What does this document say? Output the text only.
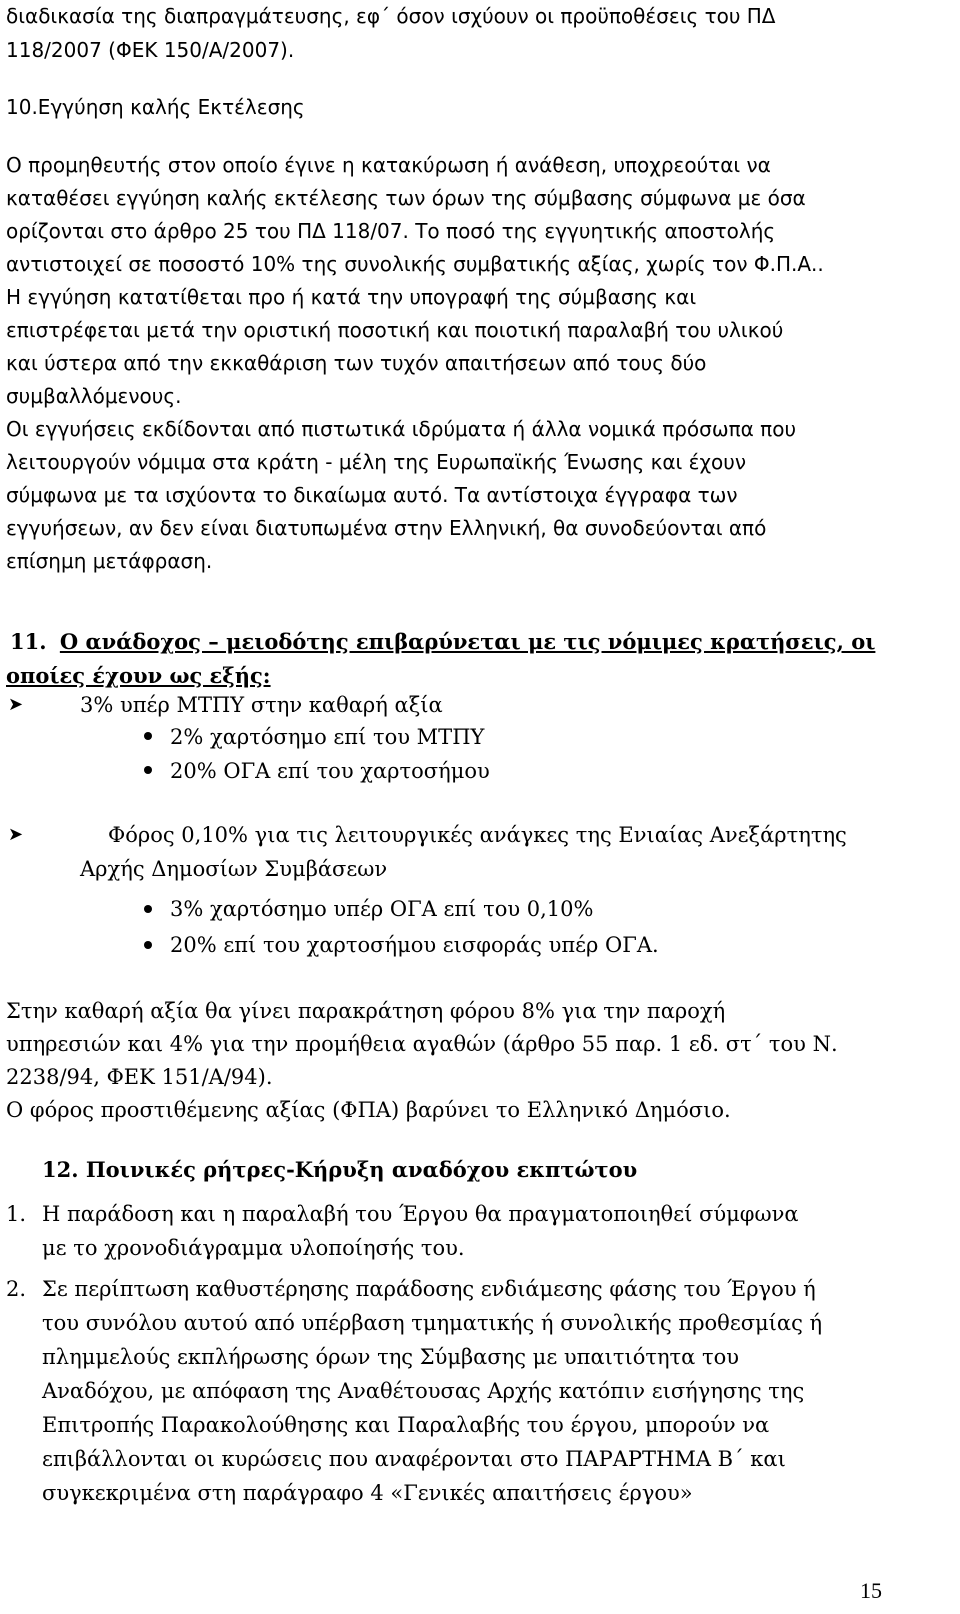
διαδικασία της διαπραγμάτευσης, εφ΄ όσον ισχύουν οι προϋποθέσεις του ΠΔ
118/2007 (ΦΕΚ 150/Α/2007).
10.Εγγύηση καλής Εκτέλεσης
Ο προμηθευτής στον οποίο έγινε η κατακύρωση ή ανάθεση, υποχρεούται να
καταθέσει εγγύηση καλής εκτέλεσης των όρων της σύμβασης σύμφωνα με όσα
ορίζονται στο άρθρο 25 του ΠΔ 118/07. Το ποσό της εγγυητικής αποστολής
αντιστοιχεί σε ποσοστό 10% της συνολικής συμβατικής αξίας, χωρίς τον Φ.Π.Α..
Η εγγύηση κατατίθεται προ ή κατά την υπογραφή της σύμβασης και
επιστρέφεται μετά την οριστική ποσοτική και ποιοτική παραλαβή του υλικού
και ύστερα από την εκκαθάριση των τυχόν απαιτήσεων από τους δύο
συμβαλλόμενους.
Οι εγγυήσεις εκδίδονται από πιστωτικά ιδρύματα ή άλλα νομικά πρόσωπα που
λειτουργούν νόμιμα στα κράτη - μέλη της Ευρωπαϊκής Ένωσης και έχουν
σύμφωνα με τα ισχύοντα το δικαίωμα αυτό. Τα αντίστοιχα έγγραφα των
εγγυήσεων, αν δεν είναι διατυπωμένα στην Ελληνική, θα συνοδεύονται από
επίσημη μετάφραση.
11. Ο ανάδοχος – μειοδότης επιβαρύνεται με τις νόμιμες κρατήσεις, οι
οποίες έχουν ως εξής:
➤	3% υπέρ ΜΤΠΥ στην καθαρή αξία
2% χαρτόσημο επί του ΜΤΠΥ
20% ΟΓΑ επί του χαρτοσήμου
➤	Φόρος 0,10% για τις λειτουργικές ανάγκες της Ενιαίας Ανεξάρτητης
Αρχής Δημοσίων Συμβάσεων
3% χαρτόσημο υπέρ ΟΓΑ επί του 0,10%
20% επί του χαρτοσήμου εισφοράς υπέρ ΟΓΑ.
Στην καθαρή αξία θα γίνει παρακράτηση φόρου 8% για την παροχή
υπηρεσιών και 4% για την προμήθεια αγαθών (άρθρο 55 παρ. 1 εδ. στ΄ του Ν.
2238/94, ΦΕΚ 151/Α/94).
Ο φόρος προστιθέμενης αξίας (ΦΠΑ) βαρύνει το Ελληνικό Δημόσιο.
12. Ποινικές ρήτρες-Κήρυξη αναδόχου εκπτώτου
1. Η παράδοση και η παραλαβή του Έργου θα πραγματοποιηθεί σύμφωνα
με το χρονοδιάγραμμα υλοποίησής του.
2. Σε περίπτωση καθυστέρησης παράδοσης ενδιάμεσης φάσης του Έργου ή
του συνόλου αυτού από υπέρβαση τμηματικής ή συνολικής προθεσμίας ή
πλημμελούς εκπλήρωσης όρων της Σύμβασης με υπαιτιότητα του
Αναδόχου, με απόφαση της Αναθέτουσας Αρχής κατόπιν εισήγησης της
Επιτροπής Παρακολούθησης και Παραλαβής του έργου, μπορούν να
επιβάλλονται οι κυρώσεις που αναφέρονται στο ΠΑΡΑΡΤΗΜΑ Β΄ και
συγκεκριμένα στη παράγραφο 4 «Γενικές απαιτήσεις έργου»
15
